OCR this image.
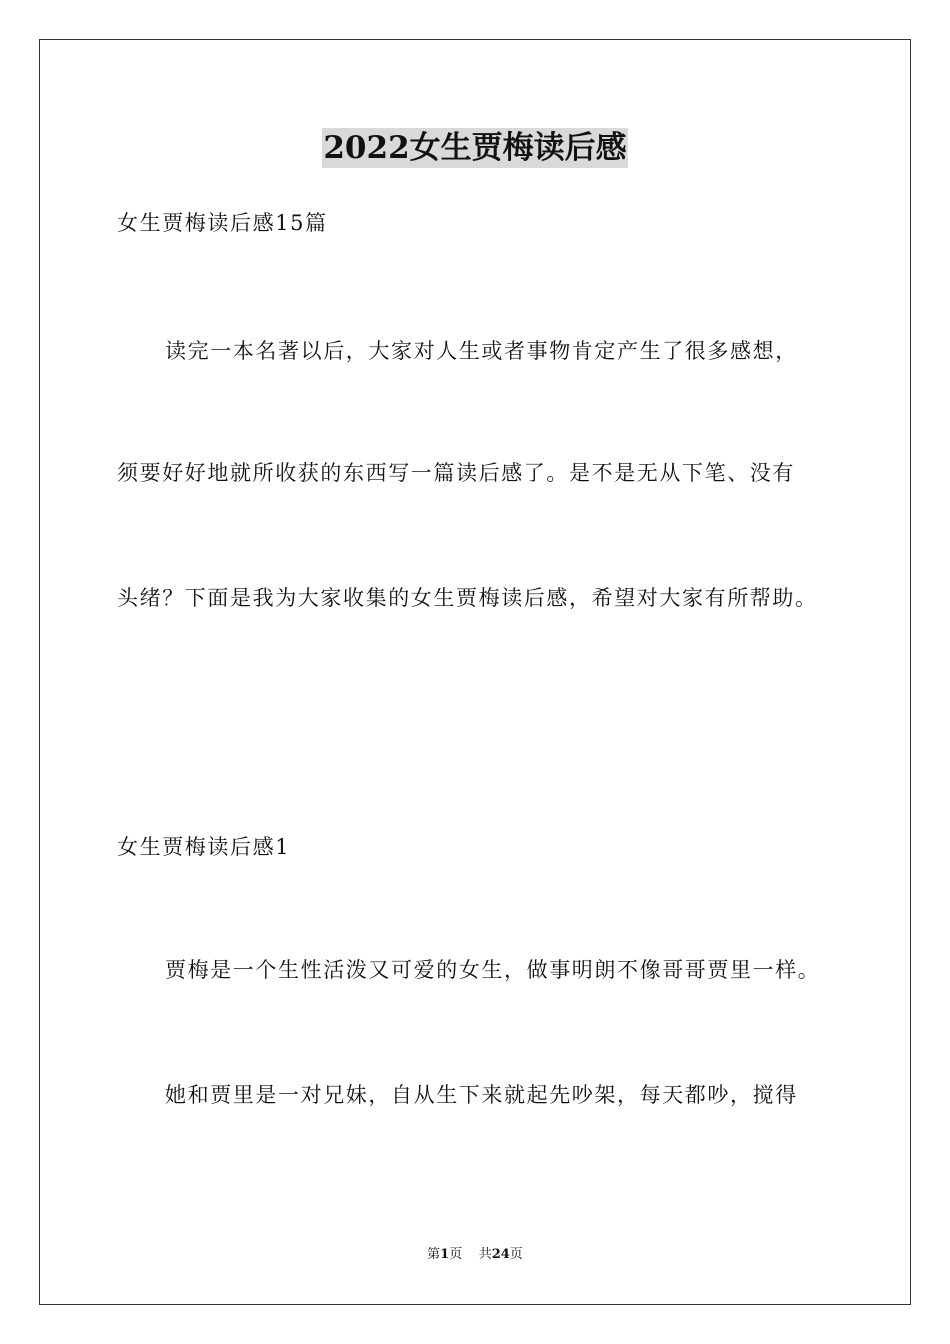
2022女生贾梅读后感
女生贾梅读后感15篇
读完一本名著以后，大家对人生或者事物肯定产生了很多感想，
须要好好地就所收获的东西写一篇读后感了。是不是无从下笔、没有
头绪？下面是我为大家收集的女生贾梅读后感，希望对大家有所帮助。
女生贾梅读后感1
贾梅是一个生性活泼又可爱的女生，做事明朗不像哥哥贾里一样。
她和贾里是一对兄妹，自从生下来就起先吵架，每天都吵，搅得
第1页 共24页
